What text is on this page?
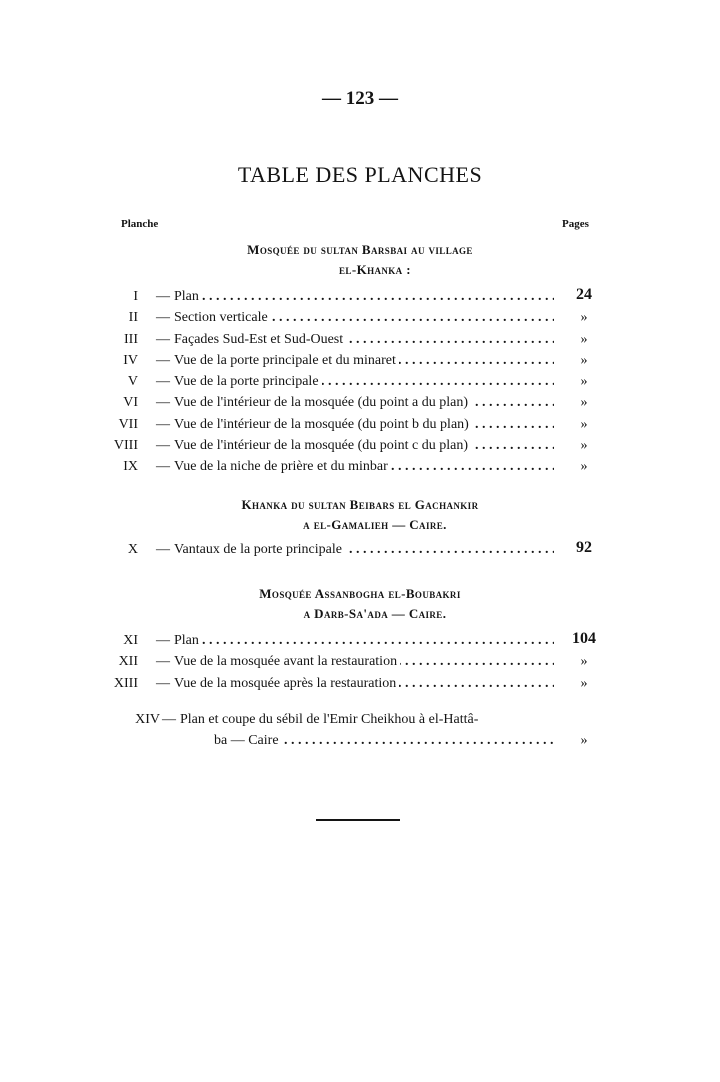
— 123 —
TABLE DES PLANCHES
Planche	Pages
Mosquée du sultan Barsbai au village
el-Khanka :
I — Plan . . .	24
II — Section verticale . . .	»
III — Façades Sud-Est et Sud-Ouest . . .	»
IV — Vue de la porte principale et du minaret . . .	»
V — Vue de la porte principale . . .	»
VI — Vue de l'intérieur de la mosquée (du point a du plan) . . .	»
VII — Vue de l'intérieur de la mosquée (du point b du plan) . . .	»
VIII — Vue de l'intérieur de la mosquée (du point c du plan) . . .	»
IX — Vue de la niche de prière et du minbar . . .	»
Khanka du sultan Beibars el Gachankir
a el-Gamalieh — Caire.
X — Vantaux de la porte principale . . .	92
Mosquée Assanbogha el-Boubakri
a Darb-Sa'ada — Caire.
XI — Plan . . .	104
XII — Vue de la mosquée avant la restauration . . .	»
XIII — Vue de la mosquée après la restauration . . .	»
XIV — Plan et coupe du sébil de l'Emir Cheikhou à el-Hattâ-
ba — Caire . . .	»
